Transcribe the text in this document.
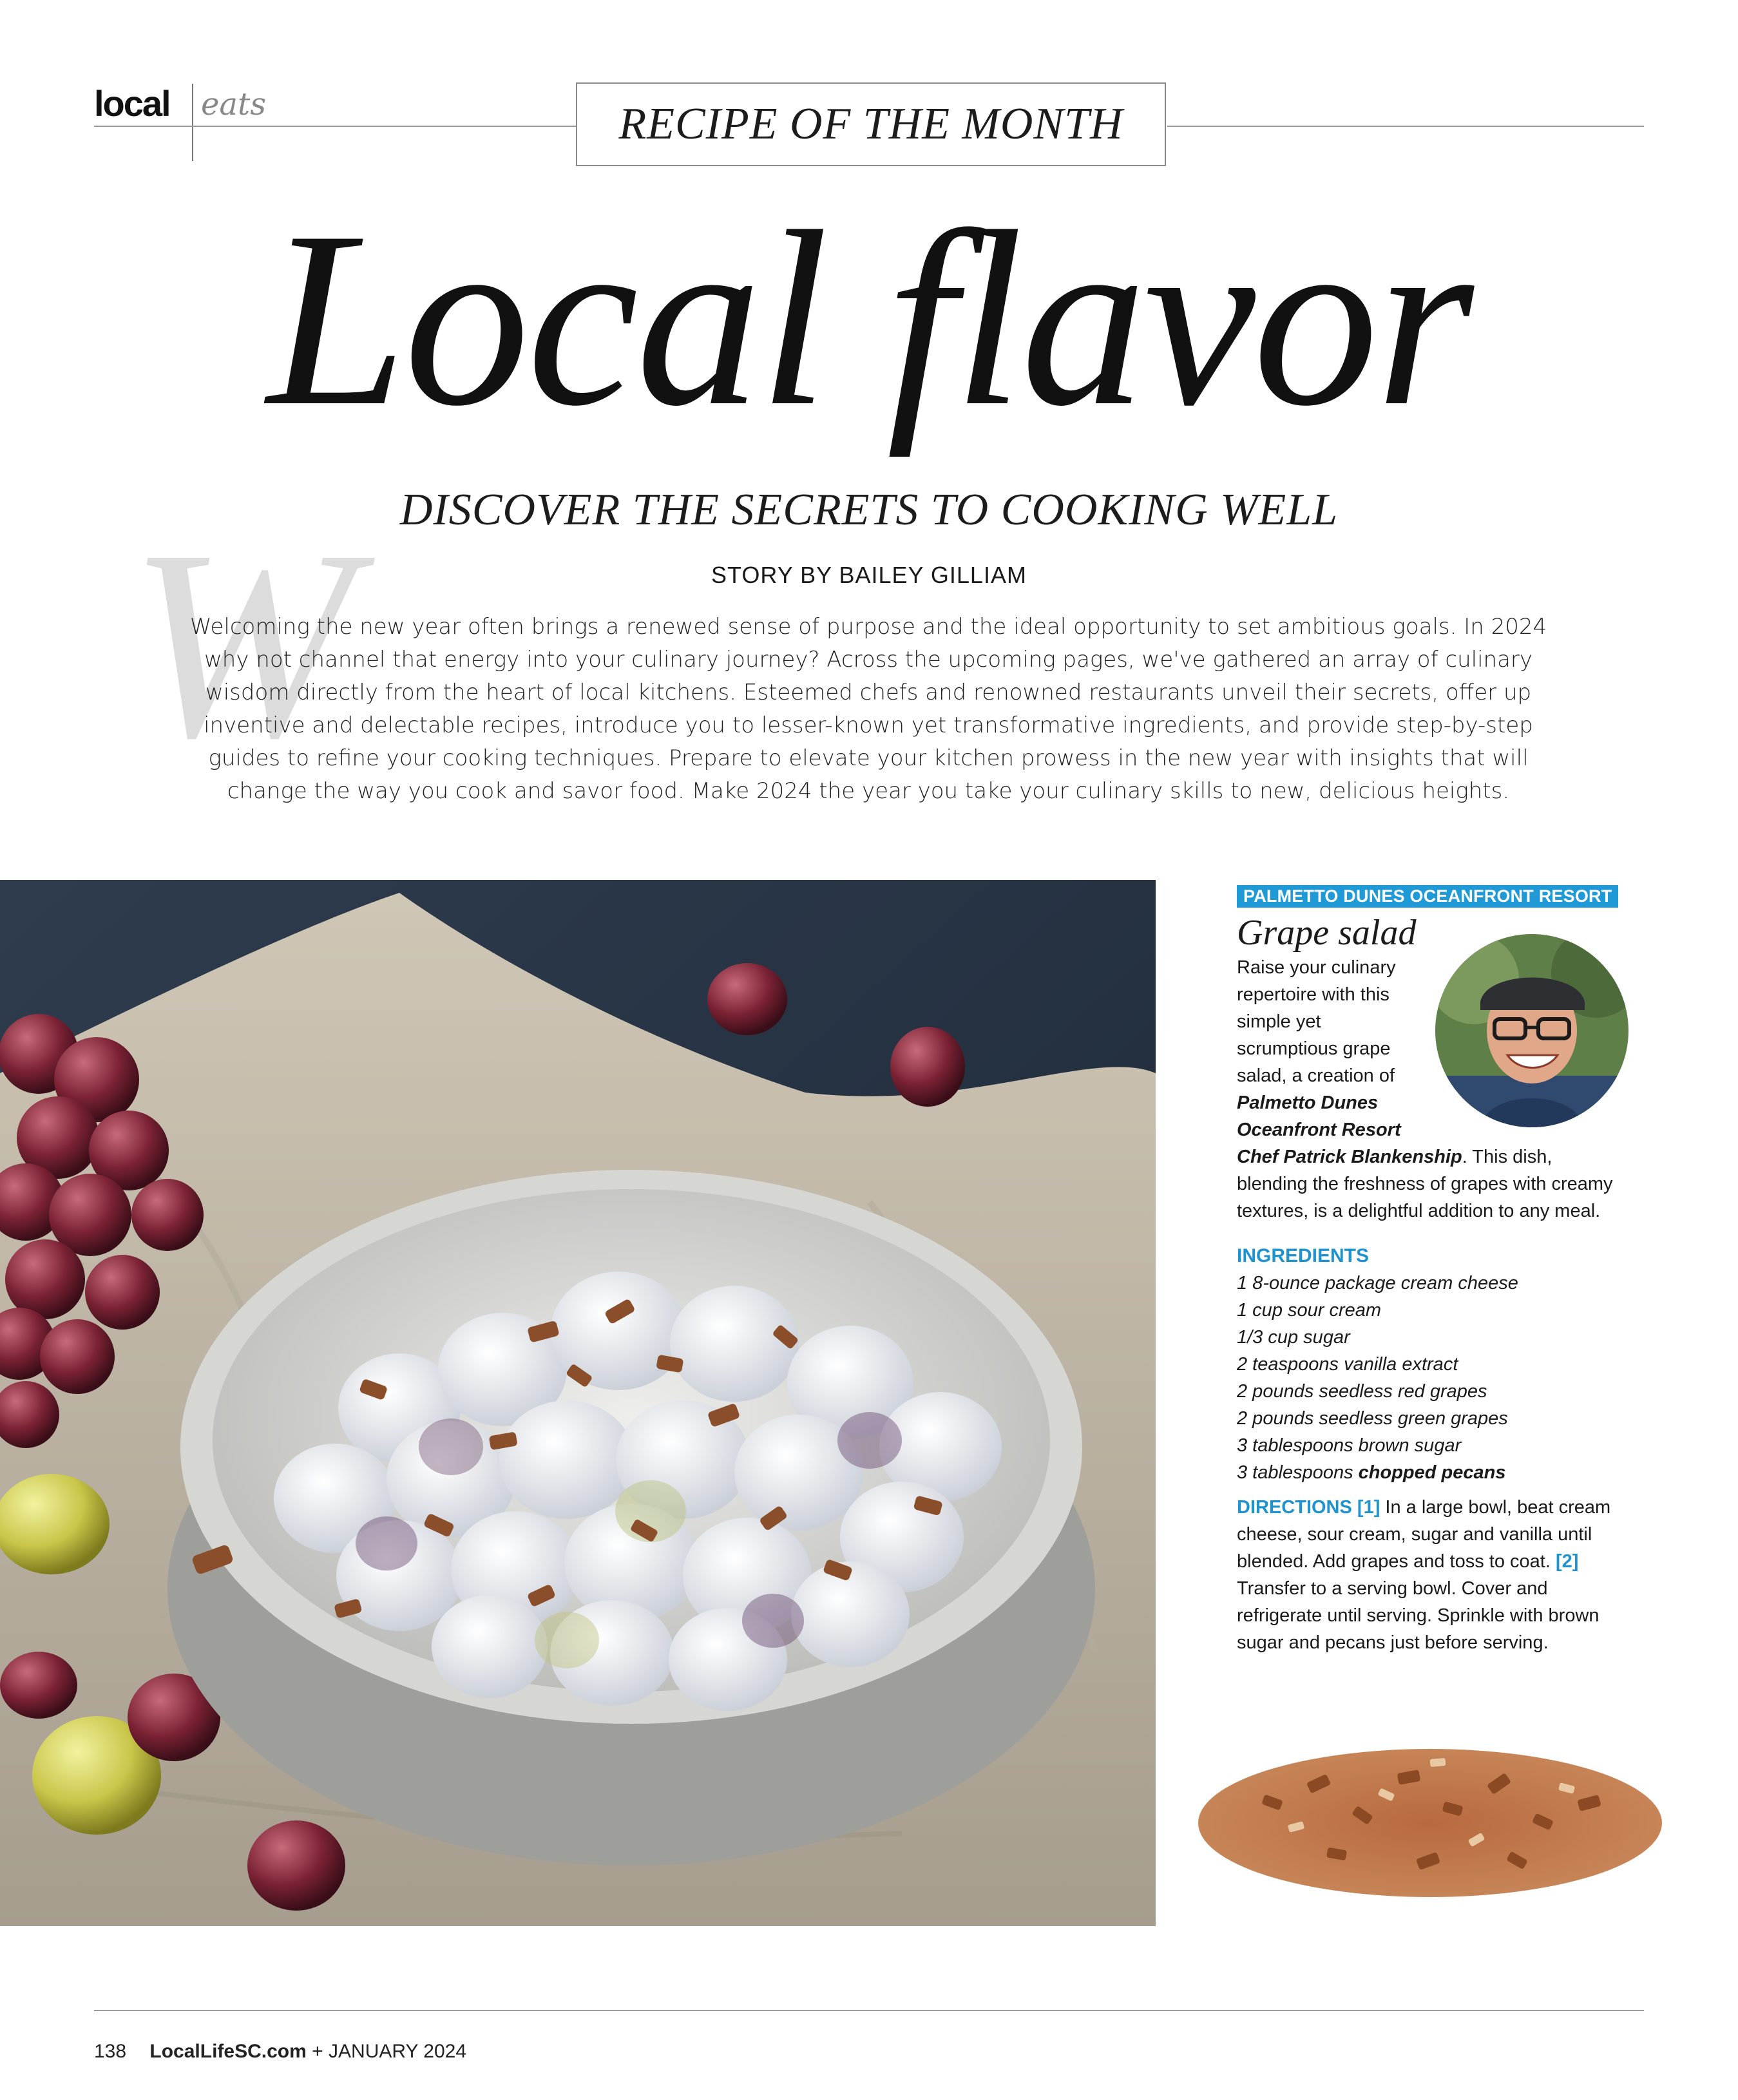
local eats	RECIPE OF THE MONTH
Local flavor
DISCOVER THE SECRETS TO COOKING WELL
STORY BY BAILEY GILLIAM
W
Welcoming the new year often brings a renewed sense of purpose and the ideal opportunity to set ambitious goals. In 2024 why not channel that energy into your culinary journey? Across the upcoming pages, we've gathered an array of culinary wisdom directly from the heart of local kitchens. Esteemed chefs and renowned restaurants unveil their secrets, offer up inventive and delectable recipes, introduce you to lesser-known yet transformative ingredients, and provide step-by-step guides to refine your cooking techniques. Prepare to elevate your kitchen prowess in the new year with insights that will change the way you cook and savor food. Make 2024 the year you take your culinary skills to new, delicious heights.
PALMETTO DUNES OCEANFRONT RESORT
Grape salad
Raise your culinary repertoire with this simple yet scrumptious grape salad, a creation of Palmetto Dunes Oceanfront Resort Chef Patrick Blankenship. This dish, blending the freshness of grapes with creamy textures, is a delightful addition to any meal.
INGREDIENTS
1 8-ounce package cream cheese
1 cup sour cream
1/3 cup sugar
2 teaspoons vanilla extract
2 pounds seedless red grapes
2 pounds seedless green grapes
3 tablespoons brown sugar
3 tablespoons chopped pecans
DIRECTIONS [1] In a large bowl, beat cream cheese, sour cream, sugar and vanilla until blended. Add grapes and toss to coat. [2] Transfer to a serving bowl. Cover and refrigerate until serving. Sprinkle with brown sugar and pecans just before serving.
138 LocalLifeSC.com + JANUARY 2024
